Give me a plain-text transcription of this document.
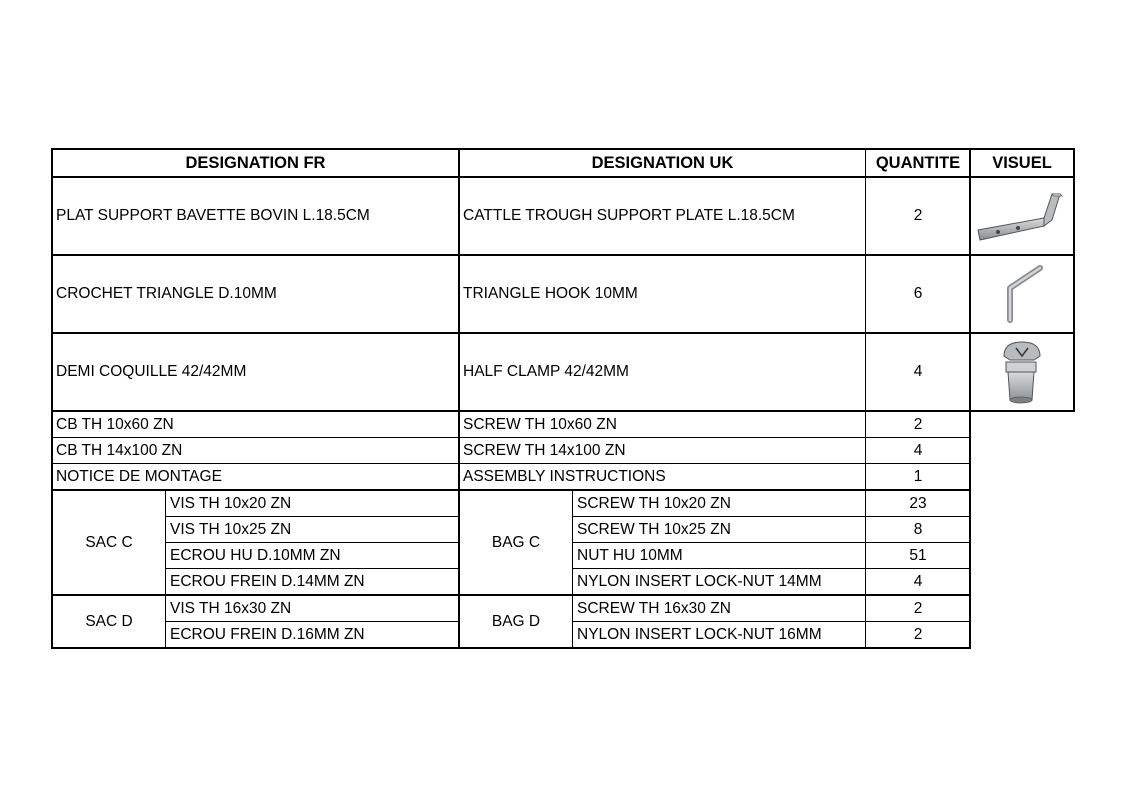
DESIGNATION FR	DESIGNATION UK	QUANTITE	VISUEL
PLAT SUPPORT BAVETTE BOVIN L.18.5CM	CATTLE TROUGH SUPPORT PLATE L.18.5CM	2
CROCHET TRIANGLE D.10MM	TRIANGLE HOOK 10MM	6
DEMI COQUILLE 42/42MM	HALF CLAMP 42/42MM	4
CB TH 10x60 ZN	SCREW TH 10x60 ZN	2
CB TH 14x100 ZN	SCREW TH 14x100 ZN	4
NOTICE DE MONTAGE	ASSEMBLY INSTRUCTIONS	1
SAC C	BAG C
VIS TH 10x20 ZN	SCREW TH 10x20 ZN	23
VIS TH 10x25 ZN	SCREW TH 10x25 ZN	8
ECROU HU D.10MM ZN	NUT HU 10MM	51
ECROU FREIN D.14MM ZN	NYLON INSERT LOCK-NUT 14MM	4
SAC D	BAG D
VIS TH 16x30 ZN	SCREW TH 16x30 ZN	2
ECROU FREIN D.16MM ZN	NYLON INSERT LOCK-NUT 16MM	2
